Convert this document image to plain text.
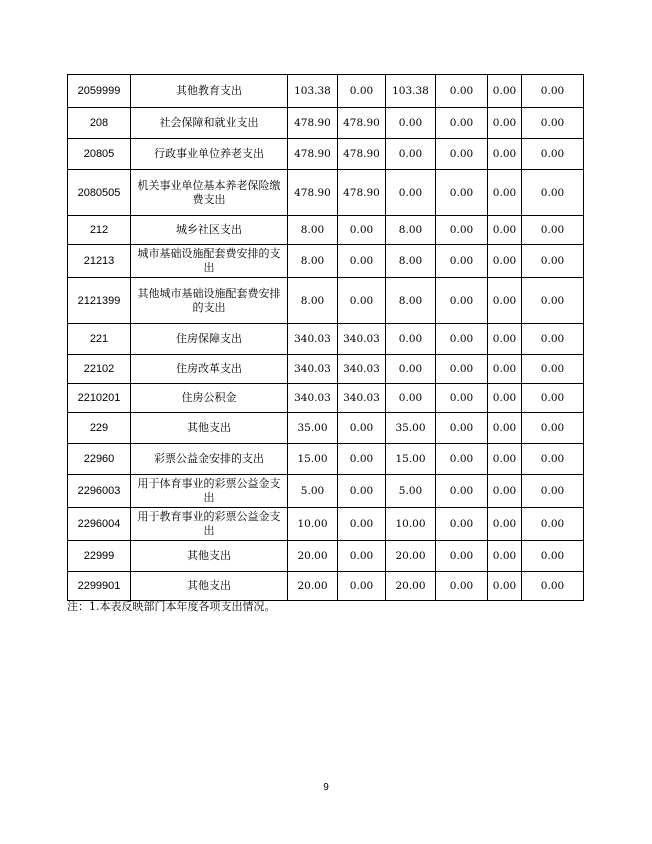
2059999	其他教育支出	103.38	0.00	103.38	0.00	0.00	0.00
208	社会保障和就业支出	478.90	478.90	0.00	0.00	0.00	0.00
20805	行政事业单位养老支出	478.90	478.90	0.00	0.00	0.00	0.00
2080505	机关事业单位基本养老保险缴费支出	478.90	478.90	0.00	0.00	0.00	0.00
212	城乡社区支出	8.00	0.00	8.00	0.00	0.00	0.00
21213	城市基础设施配套费安排的支出	8.00	0.00	8.00	0.00	0.00	0.00
2121399	其他城市基础设施配套费安排的支出	8.00	0.00	8.00	0.00	0.00	0.00
221	住房保障支出	340.03	340.03	0.00	0.00	0.00	0.00
22102	住房改革支出	340.03	340.03	0.00	0.00	0.00	0.00
2210201	住房公积金	340.03	340.03	0.00	0.00	0.00	0.00
229	其他支出	35.00	0.00	35.00	0.00	0.00	0.00
22960	彩票公益金安排的支出	15.00	0.00	15.00	0.00	0.00	0.00
2296003	用于体育事业的彩票公益金支出	5.00	0.00	5.00	0.00	0.00	0.00
2296004	用于教育事业的彩票公益金支出	10.00	0.00	10.00	0.00	0.00	0.00
22999	其他支出	20.00	0.00	20.00	0.00	0.00	0.00
2299901	其他支出	20.00	0.00	20.00	0.00	0.00	0.00
注：1.本表反映部门本年度各项支出情况。
9
